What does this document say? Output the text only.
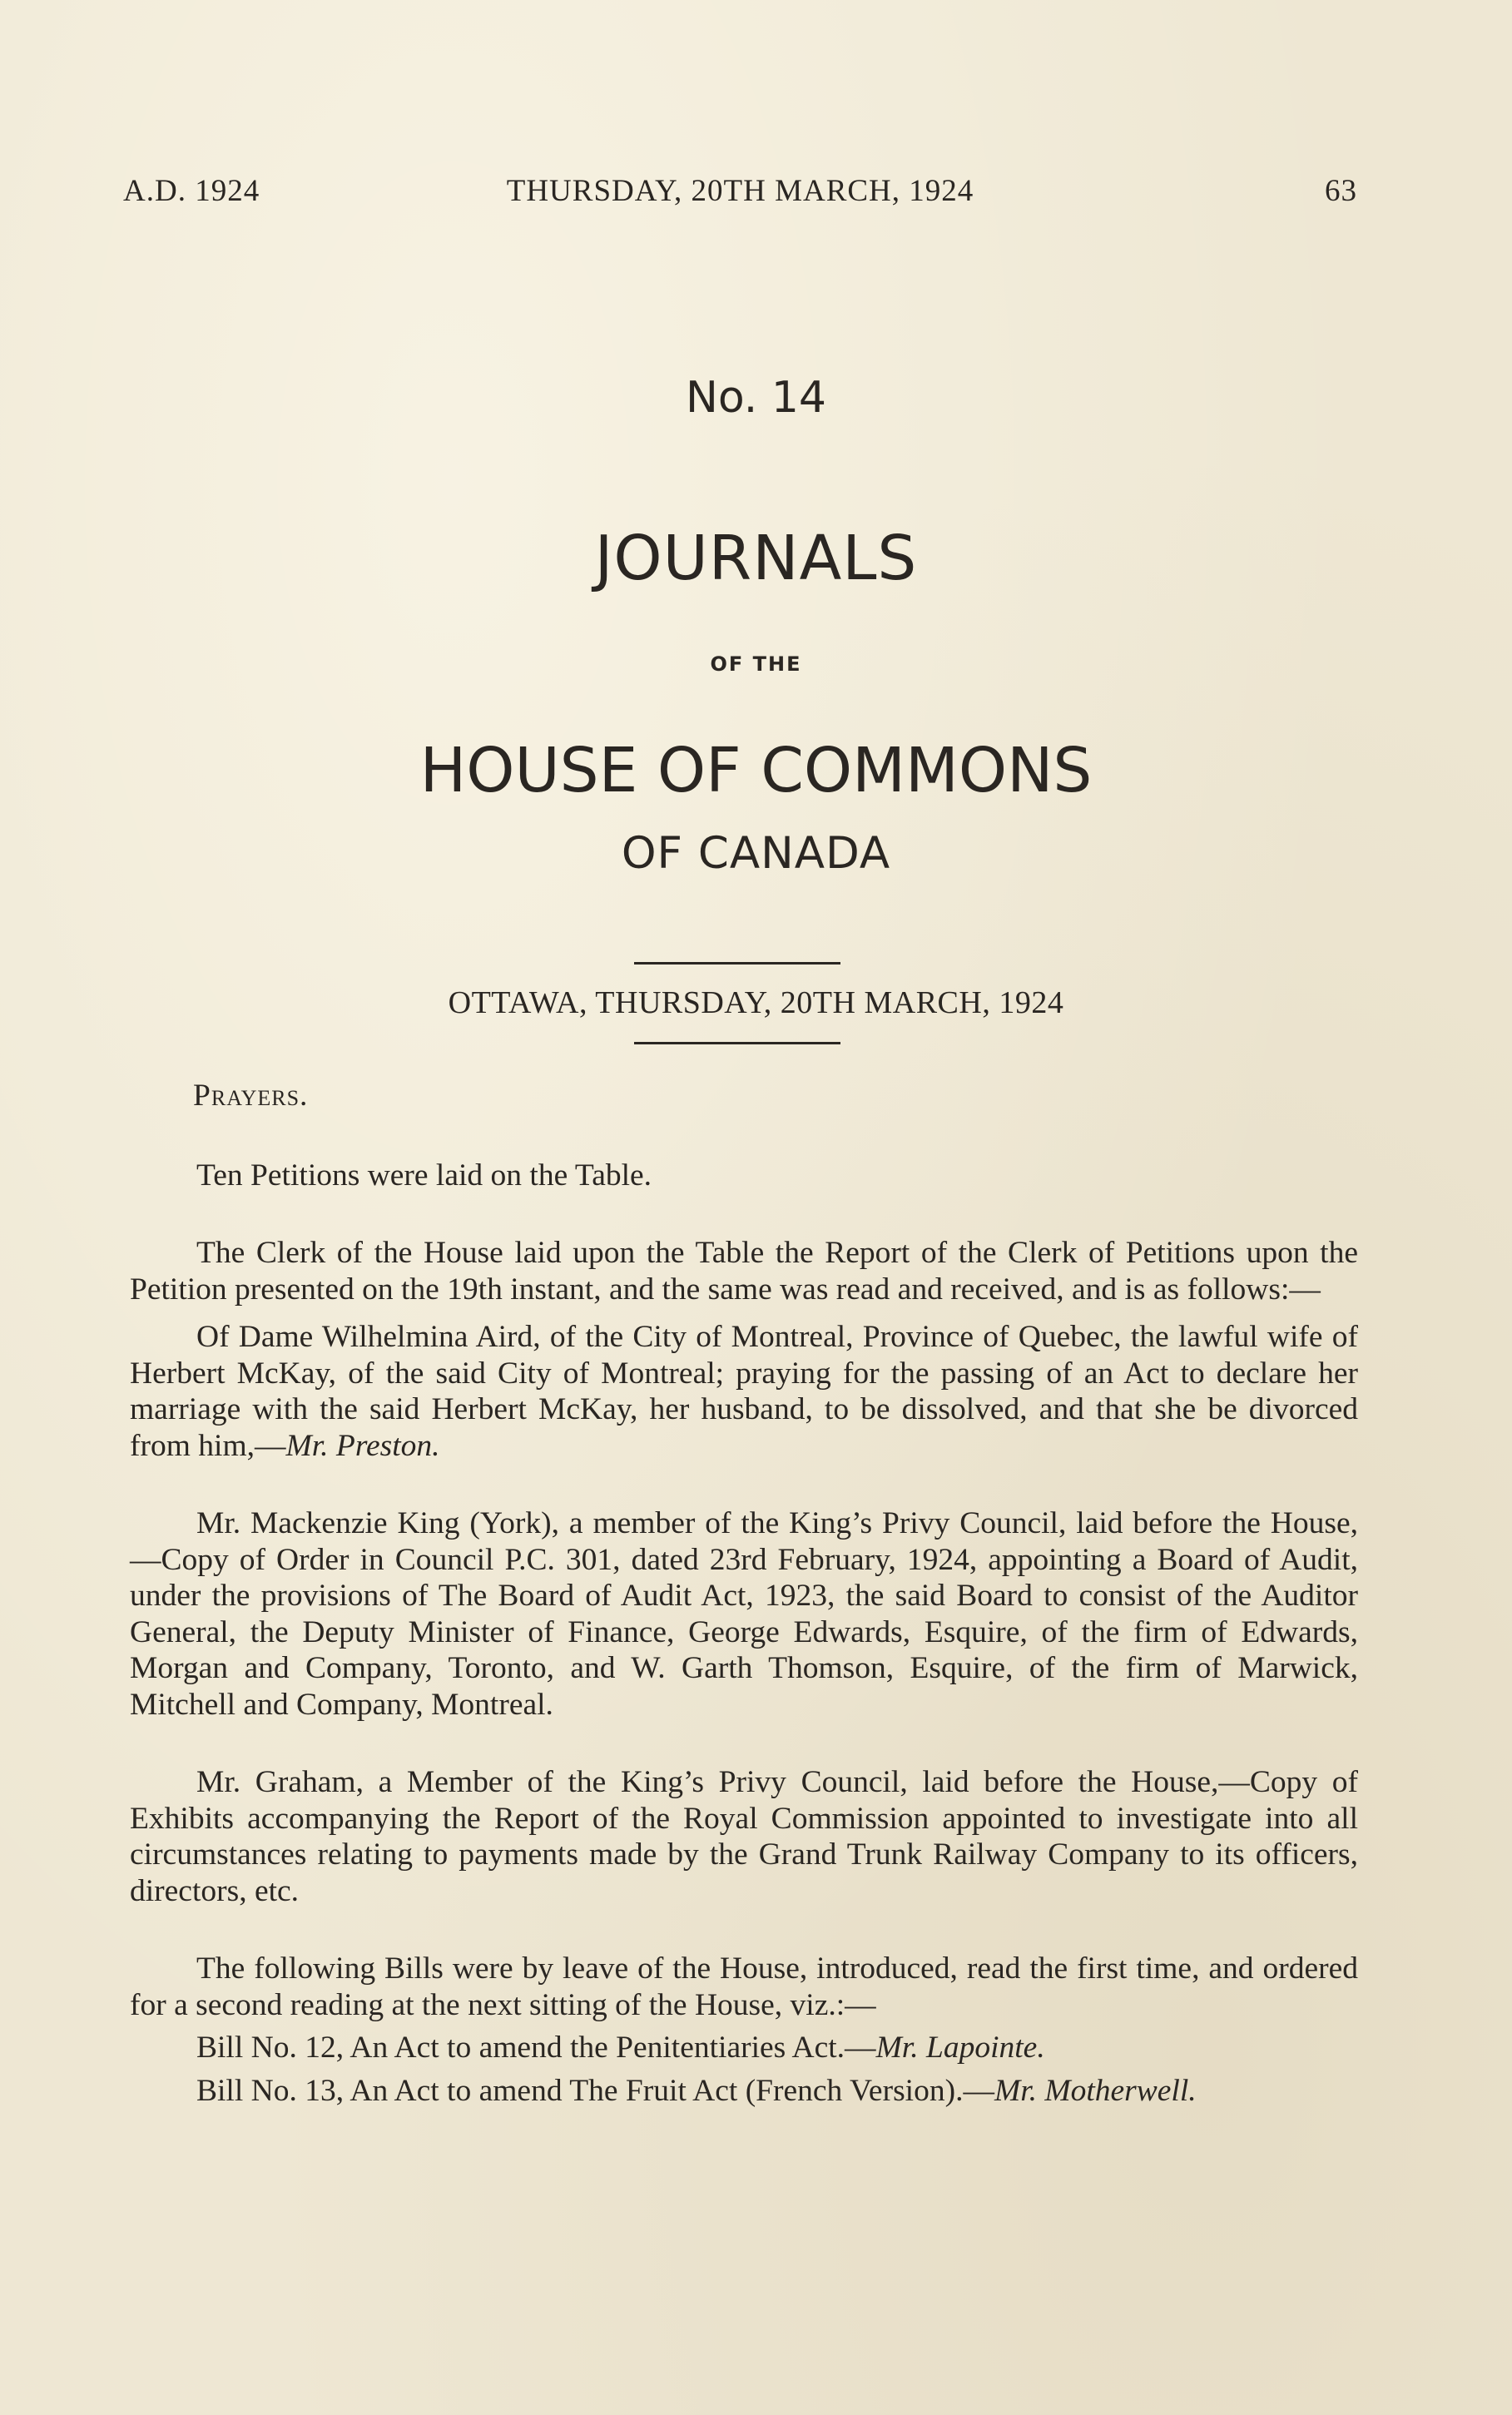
A.D. 1924	THURSDAY, 20TH MARCH, 1924	63
No. 14
JOURNALS
OF THE
HOUSE OF COMMONS
OF CANADA
OTTAWA, THURSDAY, 20TH MARCH, 1924

Prayers.

Ten Petitions were laid on the Table.

The Clerk of the House laid upon the Table the Report of the Clerk of Petitions upon the Petition presented on the 19th instant, and the same was read and received, and is as follows:—

Of Dame Wilhelmina Aird, of the City of Montreal, Province of Quebec, the lawful wife of Herbert McKay, of the said City of Montreal; praying for the passing of an Act to declare her marriage with the said Herbert McKay, her husband, to be dissolved, and that she be divorced from him,—Mr. Preston.

Mr. Mackenzie King (York), a member of the King’s Privy Council, laid before the House,—Copy of Order in Council P.C. 301, dated 23rd February, 1924, appointing a Board of Audit, under the provisions of The Board of Audit Act, 1923, the said Board to consist of the Auditor General, the Deputy Minister of Finance, George Edwards, Esquire, of the firm of Edwards, Morgan and Company, Toronto, and W. Garth Thomson, Esquire, of the firm of Marwick, Mitchell and Company, Montreal.

Mr. Graham, a Member of the King’s Privy Council, laid before the House,—Copy of Exhibits accompanying the Report of the Royal Commission appointed to investigate into all circumstances relating to payments made by the Grand Trunk Railway Company to its officers, directors, etc.

The following Bills were by leave of the House, introduced, read the first time, and ordered for a second reading at the next sitting of the House, viz.:—

Bill No. 12, An Act to amend the Penitentiaries Act.—Mr. Lapointe.

Bill No. 13, An Act to amend The Fruit Act (French Version).—Mr. Motherwell.
